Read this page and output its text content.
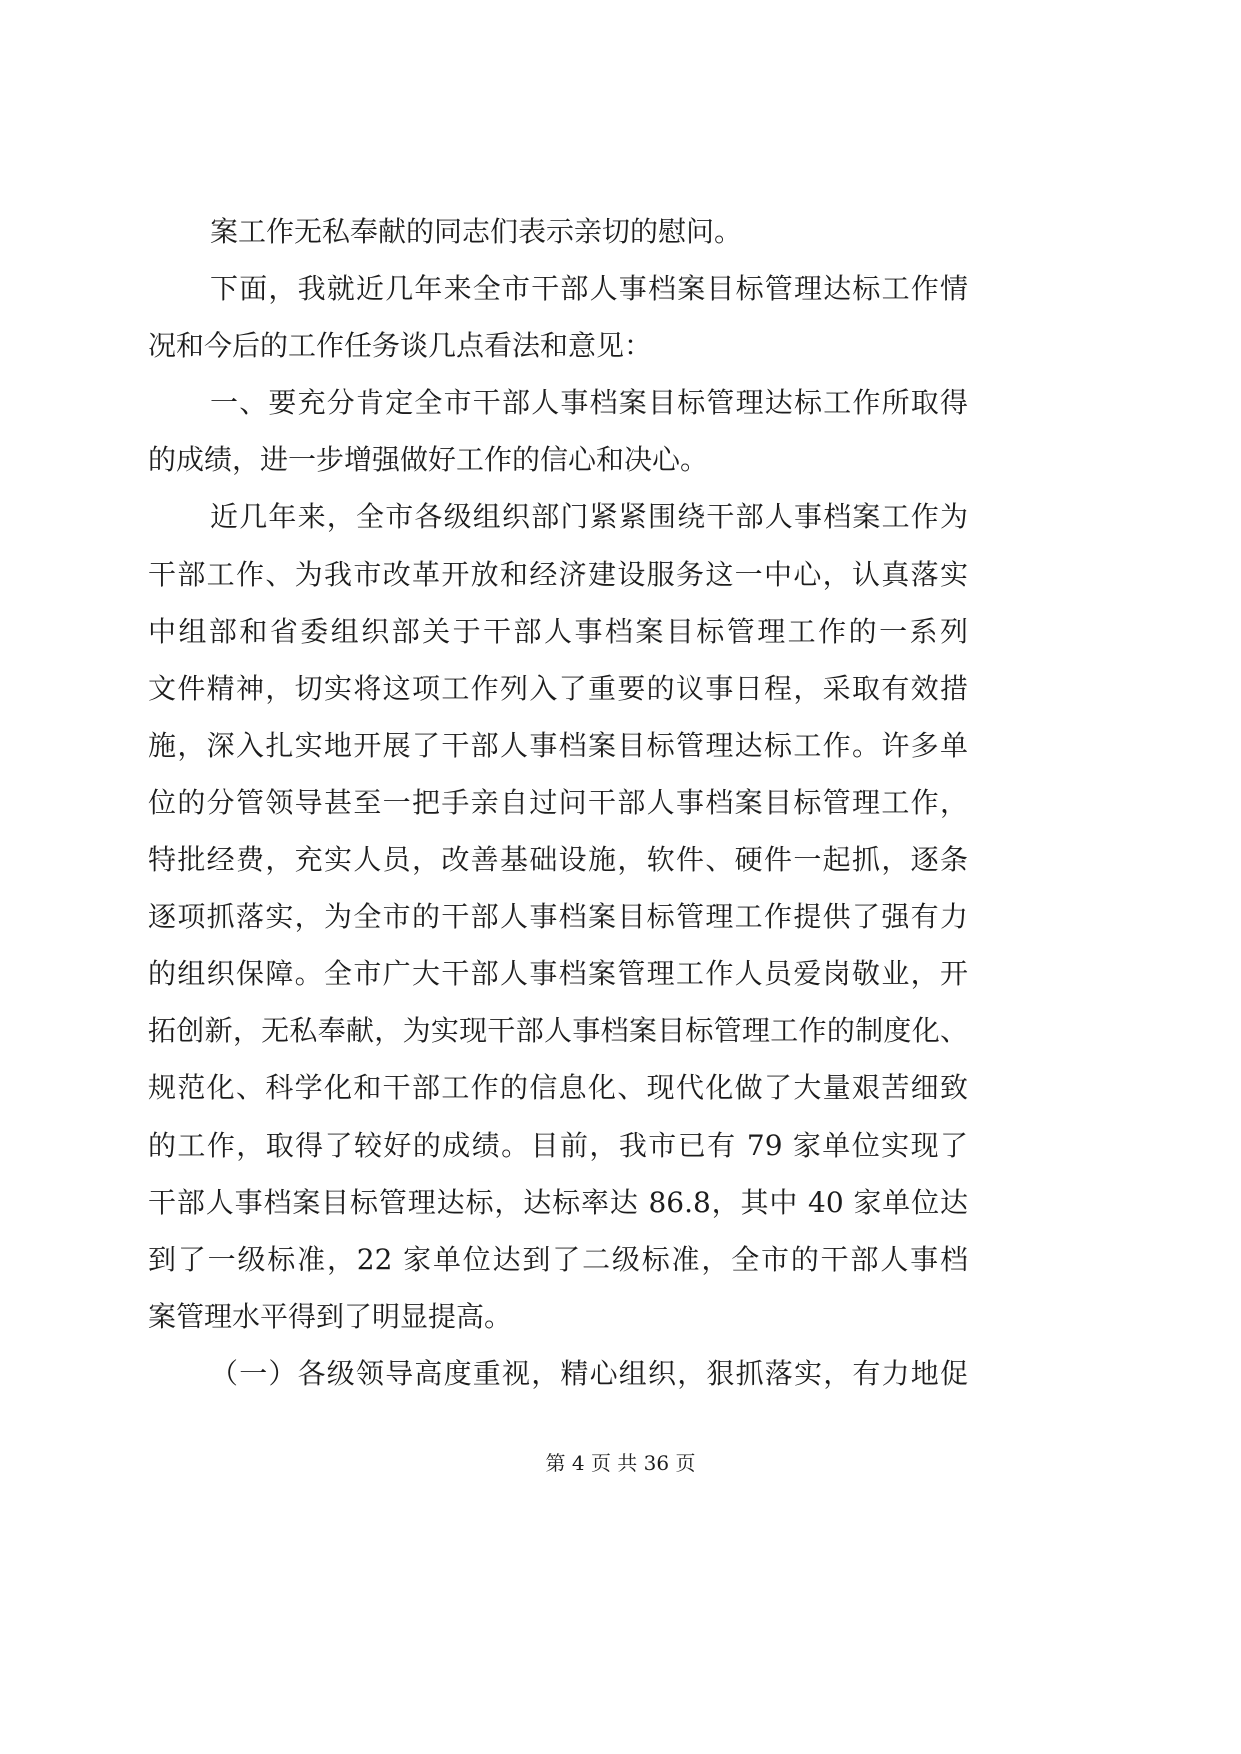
案工作无私奉献的同志们表示亲切的慰问。
下面，我就近几年来全市干部人事档案目标管理达标工作情
况和今后的工作任务谈几点看法和意见：
一、要充分肯定全市干部人事档案目标管理达标工作所取得
的成绩，进一步增强做好工作的信心和决心。
近几年来，全市各级组织部门紧紧围绕干部人事档案工作为
干部工作、为我市改革开放和经济建设服务这一中心，认真落实
中组部和省委组织部关于干部人事档案目标管理工作的一系列
文件精神，切实将这项工作列入了重要的议事日程，采取有效措
施，深入扎实地开展了干部人事档案目标管理达标工作。许多单
位的分管领导甚至一把手亲自过问干部人事档案目标管理工作，
特批经费，充实人员，改善基础设施，软件、硬件一起抓，逐条
逐项抓落实，为全市的干部人事档案目标管理工作提供了强有力
的组织保障。全市广大干部人事档案管理工作人员爱岗敬业，开
拓创新，无私奉献，为实现干部人事档案目标管理工作的制度化、
规范化、科学化和干部工作的信息化、现代化做了大量艰苦细致
的工作，取得了较好的成绩。目前，我市已有 79 家单位实现了
干部人事档案目标管理达标，达标率达 86.8，其中 40 家单位达
到了一级标准，22 家单位达到了二级标准，全市的干部人事档
案管理水平得到了明显提高。
（一）各级领导高度重视，精心组织，狠抓落实，有力地促
第 4 页 共 36 页
